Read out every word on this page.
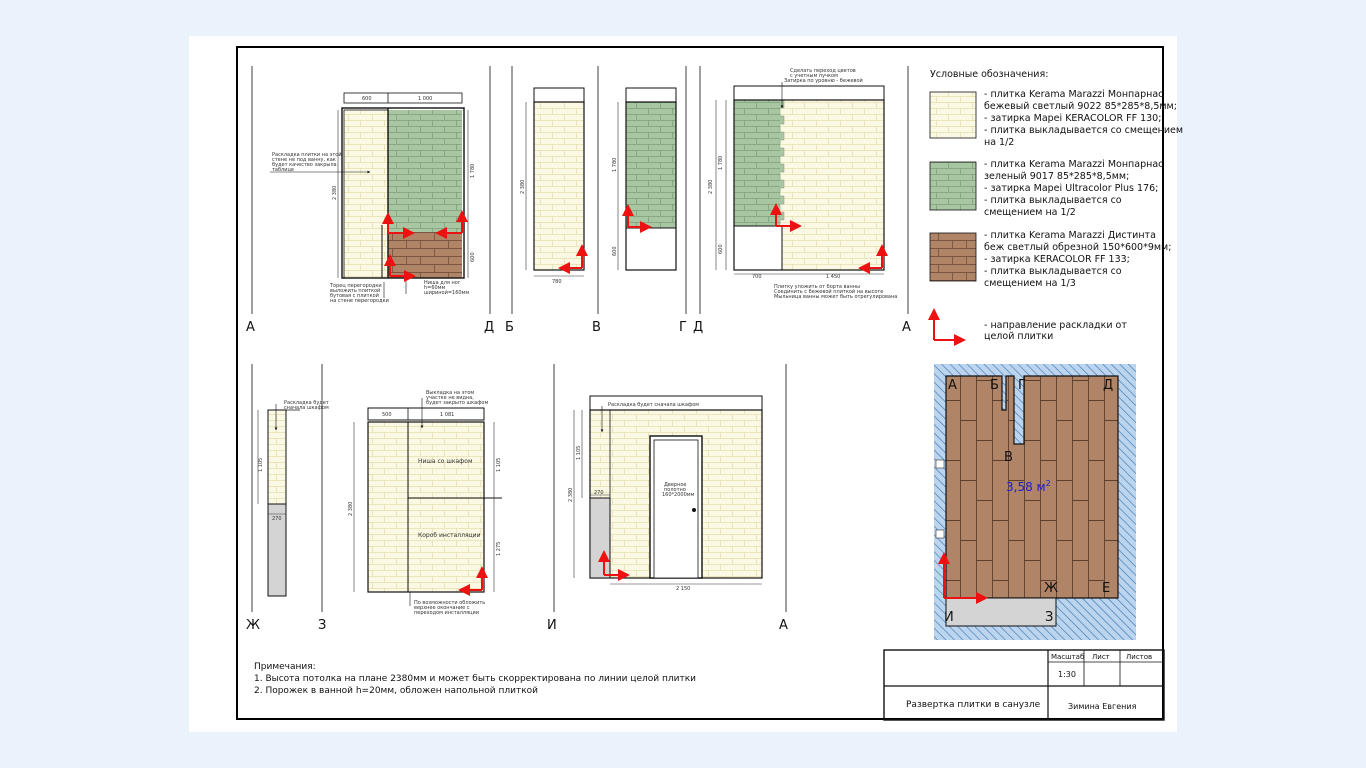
А	Д Б	В	Г Д	А
Ж	З	И	А
600	1 000
2 380
1 780
600
Раскладка плитки на этой
стене не под ванну, как
будет качество закрыла
таблице
Торец перегородки
выложить плиткой
бутовая с плиткой
на стене перегородки
Ниша для ног
h=60мм
шириной=160мм
2 380
780
1 780
600
2 380
1 780
600
700	1 450
Сделать переход цветов
с учетным пучком
Затирка по уровню - бежевой
Плитку уложить от борта ванны
Соединить с бежевой плиткой на высоте
Мыльница ванны может быть отрегулирована
Условные обозначения:
- плитка Kerama Marazzi Монпарнас
бежевый светлый 9022 85*285*8,5мм;
- затирка Mapei KERACOLOR FF 130;
- плитка выкладывается со смещением
на 1/2
- плитка Kerama Marazzi Монпарнас
зеленый 9017 85*285*8,5мм;
- затирка Mapei Ultracolor Plus 176;
- плитка выкладывается со
смещением на 1/2
- плитка Kerama Marazzi Дистинта
беж светлый обрезной 150*600*9мм;
- затирка KERACOLOR FF 133;
- плитка выкладывается со
смещением на 1/3
- направление раскладки от
целой плитки
А	Б Г	Д
В
Ж	Е
И	З
3,58 $м^2$
1 105
270
Раскладка будет
сначала шкафом
500	1 081
2 380
1 105
1 275
Ниша со шкафом
Короб инсталляции
Выкладка на этом
участке не видна,
будет закрыто шкафом
По возможности обложить
верхнее окончание с
переходом инсталляции
Раскладка будет сначала шкафом
Дверное
полотно
160*2000мм
1 105
2 380	270
2 150
Примечания:
1. Высота потолка на плане 2380мм и может быть скорректирована по линии целой плитки
2. Порожек в ванной h=20мм, обложен напольной плиткой
Масштаб Лист Листов
1:30
Развертка плитки в санузле	Зимина Евгения
